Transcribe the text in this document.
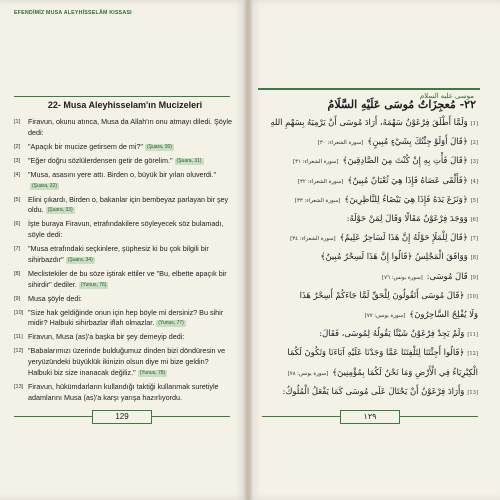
EFENDİMİZ MUSA ALEYHİSSELÂM KISSASI
22- Musa Aleyhisselam'ın Mucizeleri
[1] Firavun, okunu atınca, Musa da Allah'ın onu atmayı diledi. Şöyle dedi:
[2] "Apaçık bir mucize getirsem de mi?" (Şuara, 30)
[3] "Eğer doğru sözlülerdensen getir de görelim." (Şuara, 31)
[4] "Musa, asasını yere attı. Birden o, büyük bir yılan oluverdi."(Şuara, 32)
[5] Elini çıkardı, Birden o, bakanlar için bembeyaz parlayan bir şey oldu. (Şuara, 33)
[6] İşte buraya Firavun, etrafındakilere söyleyecek söz bulamadı, söyle dedi:
[7] "Musa etrafındaki seçkinlere, şüphesiz ki bu çok bilgili bir sihirbazdır" (Şuara, 34)
[8] Meclistekiler de bu söze iştirak ettiler ve "Bu, elbette apaçık bir sihirdir" dediler. (Yunus, 76)
[9] Musa şöyle dedi:
[10] "Size hak geldiğinde onun için hep böyle mi dersiniz? Bu sihir midir? Halbuki sihirbazlar iflah olmazlar. (Yunus, 77)
[11] Firavun, Musa (as)'a başka bir şey demeyip dedi:
[12] "Babalarımızı üzerinde bulduğumuz dinden bizi döndüresin ve yeryüzündeki büyüklük ikinizin olsun diye mi bize geldin? Halbuki biz size inanacak değiliz." (Yunus, 78)
[13] Firavun, hükümdarların kullandığı taktiği kullanmak suretiyle adamlarını Musa (as)'a karşı yarışa hazırlıyordu.
129
موسى عليه السلام
٢٢- مُعجِزَاتُ مُوسَى عَلَيْهِ السَّلَامُ
[1]وَلَمَّا أَطْلَقَ فِرْعَوْنُ سَهْمَهُ، أَرَادَ مُوسَى أَنْ يَرْمِيَهُ بِسَهْمِ اللهِ
[2]﴿قَالَ أَوَلَوْ جِئْتُكَ بِشَيْءٍ مُبِينٍ﴾[سورة الشعراء: ٣٠]
[3]﴿قَالَ فَأْتِ بِهِ إِنْ كُنْتَ مِنَ الصَّادِقِينَ﴾[سورة الشعراء: ٣١]
[4]﴿فَأَلْقَى عَصَاهُ فَإِذَا هِيَ ثُعْبَانٌ مُبِينٌ﴾[سورة الشعراء: ٣٢]
[5]﴿وَنَزَعَ يَدَهُ فَإِذَا هِيَ بَيْضَاءُ لِلنَّاظِرِينَ﴾[سورة الشعراء: ٣٣]
[6]وَوَجَدَ فِرْعَوْنُ مَقَالًا وَقَالَ لِمَنْ حَوْلَهُ:
[7]﴿قَالَ لِلْمَلَإِ حَوْلَهُ إِنَّ هَذَا لَسَاحِرٌ عَلِيمٌ﴾[سورة الشعراء: ٣٤]
[8]وَوَافَقَ الْمَجْلِسُ ﴿قَالُوا إِنَّ هَذَا لَسِحْرٌ مُبِينٌ﴾
[9]قَالَ مُوسَى:[سورة يونس: ٧٦]
[10]﴿قَالَ مُوسَى أَتَقُولُونَ لِلْحَقِّ لَمَّا جَاءَكُمْ أَسِحْرٌ هَذَا
وَلَا يُفْلِحُ السَّاحِرُونَ﴾[سورة يونس: ٧٧]
[11]وَلَمْ يَجِدْ فِرْعَوْنُ شَيْئًا يَقُولُهُ لِمُوسَى، فَقَالَ:
[12]﴿قَالُوا أَجِئْتَنَا لِتَلْفِتَنَا عَمَّا وَجَدْنَا عَلَيْهِ آبَاءَنَا وَتَكُونَ لَكُمَا
الْكِبْرِيَاءُ فِي الْأَرْضِ وَمَا نَحْنُ لَكُمَا بِمُؤْمِنِينَ﴾[سورة يونس: ٧٨]
[13]وَأَرَادَ فِرْعَوْنُ أَنْ يَحْتَالَ عَلَى مُوسَى كَمَا يَفْعَلُ الْمُلُوكُ:
١٢٩
